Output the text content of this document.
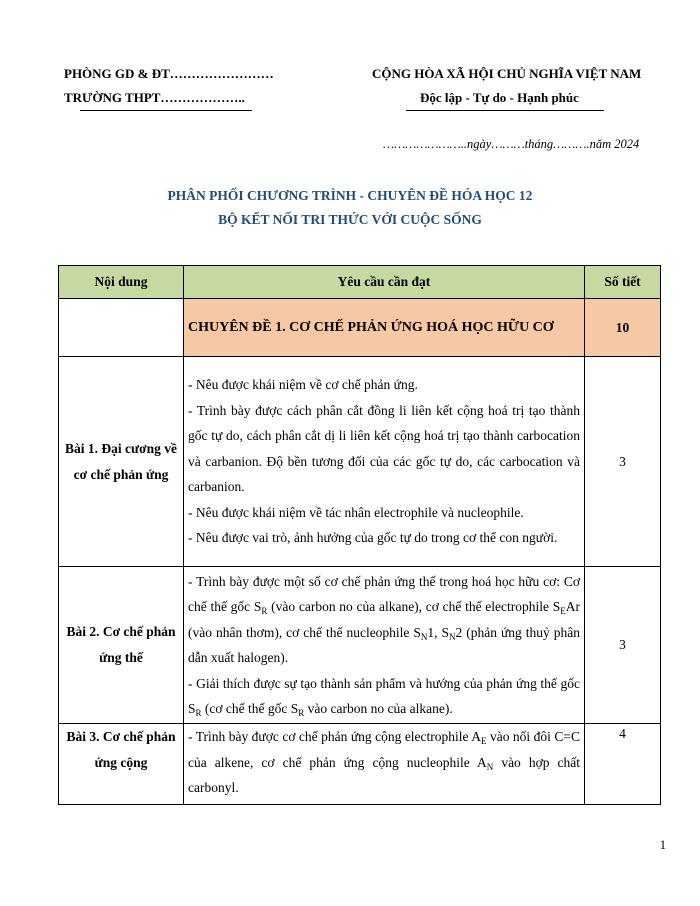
PHÒNG GD & ĐT……………………
TRƯỜNG THPT………………..
CỘNG HÒA XÃ HỘI CHỦ NGHĨA VIỆT NAM
Độc lập - Tự do - Hạnh phúc
…………………..ngày………tháng……….năm 2024
PHÂN PHỐI CHƯƠNG TRÌNH - CHUYÊN ĐỀ HÓA HỌC 12
BỘ KẾT NỐI TRI THỨC VỚI CUỘC SỐNG
Nội dung	Yêu cầu cần đạt	Số tiết
	CHUYÊN ĐỀ 1. CƠ CHẾ PHẢN ỨNG HOÁ HỌC HỮU CƠ	10
Bài 1. Đại cương về cơ chế phản ứng	- Nêu được khái niệm về cơ chế phản ứng.
- Trình bày được cách phân cắt đồng li liên kết cộng hoá trị tạo thành gốc tự do, cách phân cắt dị li liên kết cộng hoá trị tạo thành carbocation và carbanion. Độ bền tương đối của các gốc tự do, các carbocation và carbanion.
- Nêu được khái niệm về tác nhân electrophile và nucleophile.
- Nêu được vai trò, ảnh hưởng của gốc tự do trong cơ thể con người.	3
Bài 2. Cơ chế phản ứng thế	- Trình bày được một số cơ chế phản ứng thế trong hoá học hữu cơ: Cơ chế thế gốc $S_R$ (vào carbon no của alkane), cơ chế thế electrophile $S_EAr$ (vào nhân thơm), cơ chế thế nucleophile $S_N1$, $S_N2$ (phản ứng thuỷ phân dẫn xuất halogen).
- Giải thích được sự tạo thành sản phẩm và hướng của phản ứng thế gốc $S_R$ (cơ chế thế gốc $S_R$ vào carbon no của alkane).	3
Bài 3. Cơ chế phản ứng cộng	- Trình bày được cơ chế phản ứng cộng electrophile $A_E$ vào nối đôi C=C của alkene, cơ chế phản ứng cộng nucleophile $A_N$ vào hợp chất carbonyl.	4
1
